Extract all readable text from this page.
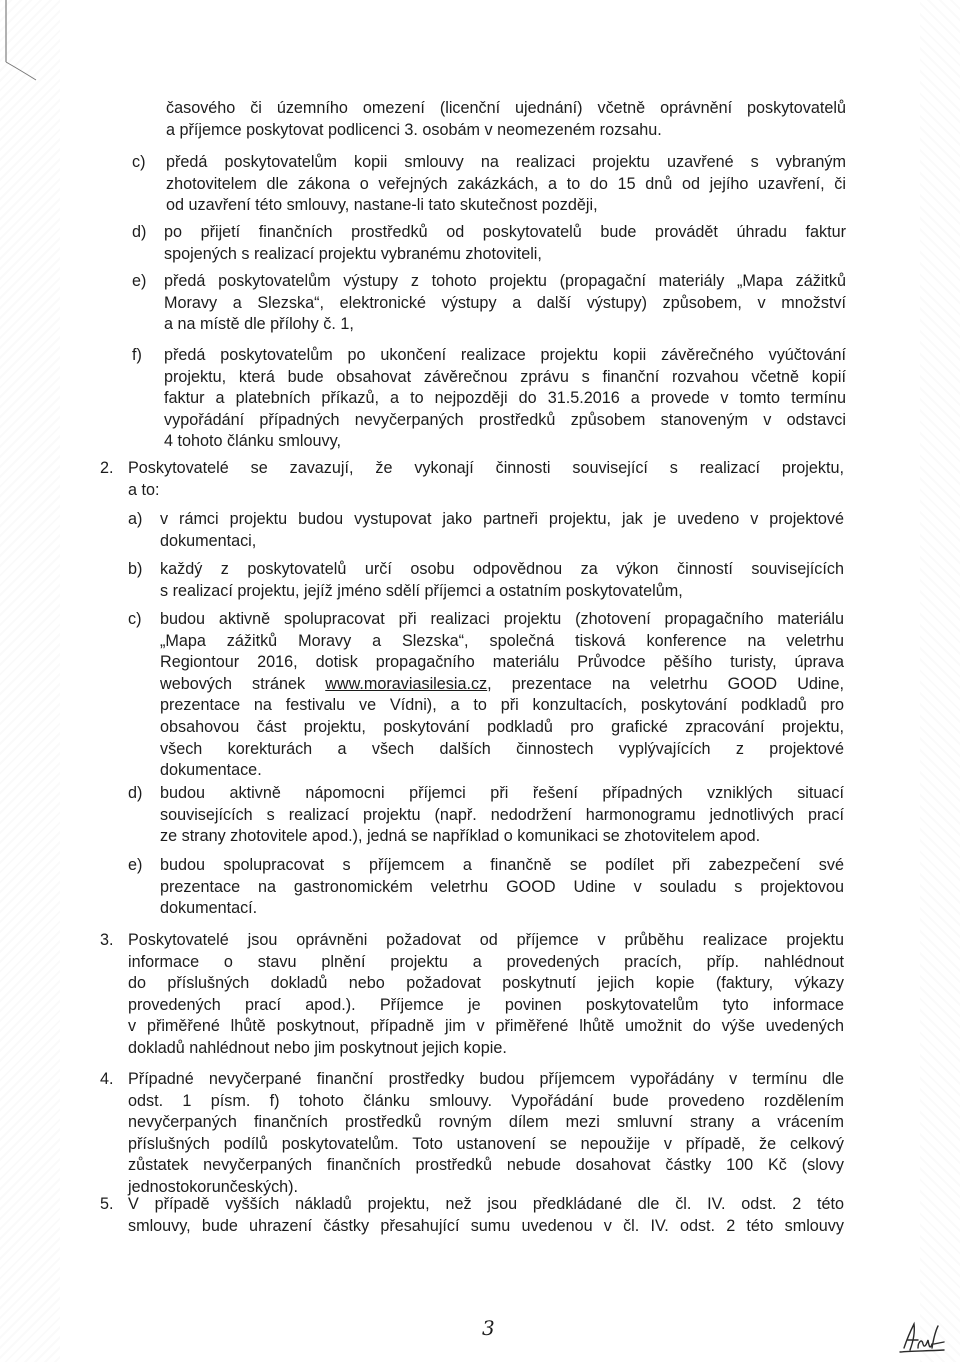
časového či územního omezení (licenční ujednání) včetně oprávnění poskytovatelů
a příjemce poskytovat podlicenci 3. osobám v neomezeném rozsahu.
c) předá poskytovatelům kopii smlouvy na realizaci projektu uzavřené s vybraným
zhotovitelem dle zákona o veřejných zakázkách, a to do 15 dnů od jejího uzavření, či
od uzavření této smlouvy, nastane-li tato skutečnost později,
d) po přijetí finančních prostředků od poskytovatelů bude provádět úhradu faktur
spojených s realizací projektu vybranému zhotoviteli,
e) předá poskytovatelům výstupy z tohoto projektu (propagační materiály „Mapa zážitků
Moravy a Slezska“, elektronické výstupy a další výstupy) způsobem, v množství
a na místě dle přílohy č. 1,
f) předá poskytovatelům po ukončení realizace projektu kopii závěrečného vyúčtování
projektu, která bude obsahovat závěrečnou zprávu s finanční rozvahou včetně kopií
faktur a platebních příkazů, a to nejpozději do 31.5.2016 a provede v tomto termínu
vypořádání případných nevyčerpaných prostředků způsobem stanoveným v odstavci
4 tohoto článku smlouvy,
2. Poskytovatelé se zavazují, že vykonají činnosti související s realizací projektu,
a to:
a) v rámci projektu budou vystupovat jako partneři projektu, jak je uvedeno v projektové
dokumentaci,
b) každý z poskytovatelů určí osobu odpovědnou za výkon činností souvisejících
s realizací projektu, jejíž jméno sdělí příjemci a ostatním poskytovatelům,
c) budou aktivně spolupracovat při realizaci projektu (zhotovení propagačního materiálu
„Mapa zážitků Moravy a Slezska“, společná tisková konference na veletrhu
Regiontour 2016, dotisk propagačního materiálu Průvodce pěšího turisty, úprava
webových stránek www.moraviasilesia.cz, prezentace na veletrhu GOOD Udine,
prezentace na festivalu ve Vídni), a to při konzultacích, poskytování podkladů pro
obsahovou část projektu, poskytování podkladů pro grafické zpracování projektu,
všech korekturách a všech dalších činnostech vyplývajících z projektové
dokumentace.
d) budou aktivně nápomocni příjemci při řešení případných vzniklých situací
souvisejících s realizací projektu (např. nedodržení harmonogramu jednotlivých prací
ze strany zhotovitele apod.), jedná se například o komunikaci se zhotovitelem apod.
e) budou spolupracovat s příjemcem a finančně se podílet při zabezpečení své
prezentace na gastronomickém veletrhu GOOD Udine v souladu s projektovou
dokumentací.
3. Poskytovatelé jsou oprávněni požadovat od příjemce v průběhu realizace projektu
informace o stavu plnění projektu a provedených pracích, příp. nahlédnout
do příslušných dokladů nebo požadovat poskytnutí jejich kopie (faktury, výkazy
provedených prací apod.). Příjemce je povinen poskytovatelům tyto informace
v přiměřené lhůtě poskytnout, případně jim v přiměřené lhůtě umožnit do výše uvedených
dokladů nahlédnout nebo jim poskytnout jejich kopie.
4. Případné nevyčerpané finanční prostředky budou příjemcem vypořádány v termínu dle
odst. 1 písm. f) tohoto článku smlouvy. Vypořádání bude provedeno rozdělením
nevyčerpaných finančních prostředků rovným dílem mezi smluvní strany a vrácením
příslušných podílů poskytovatelům. Toto ustanovení se nepoužije v případě, že celkový
zůstatek nevyčerpaných finančních prostředků nebude dosahovat částky 100 Kč (slovy
jednostokorunčeských).
5. V případě vyšších nákladů projektu, než jsou předkládané dle čl. IV. odst. 2 této
smlouvy, bude uhrazení částky přesahující sumu uvedenou v čl. IV. odst. 2 této smlouvy
3
